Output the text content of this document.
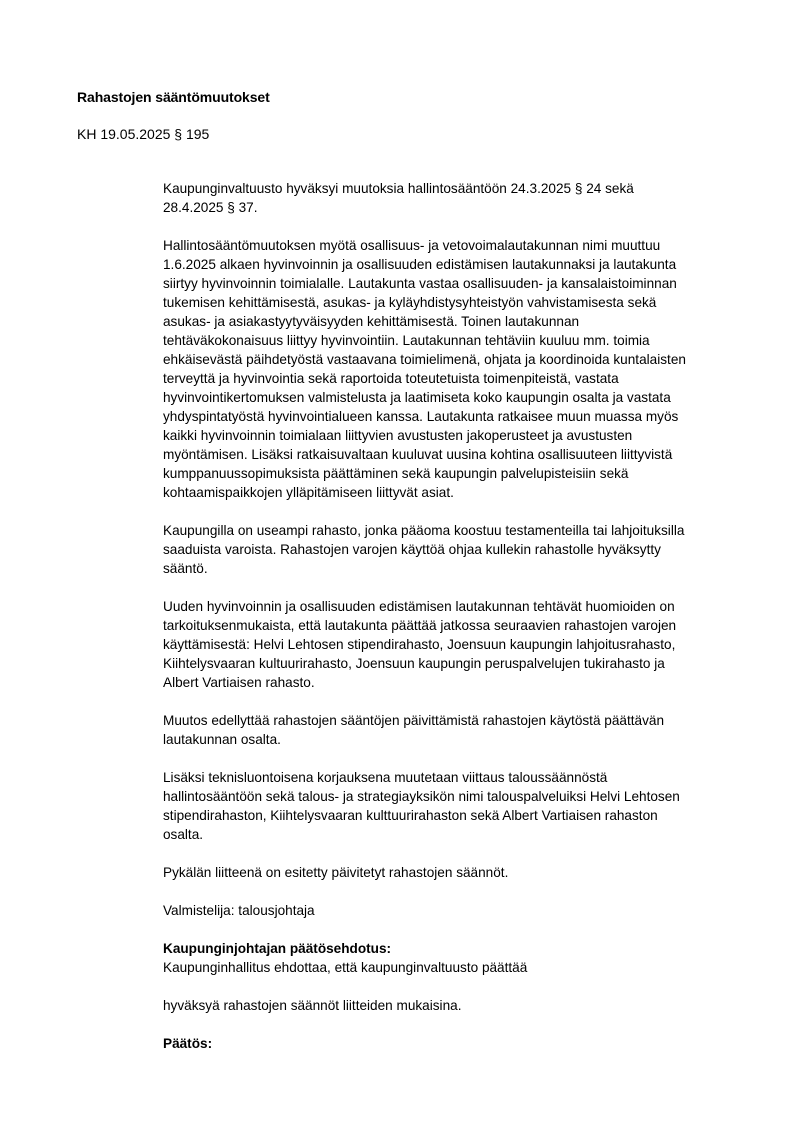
Rahastojen sääntömuutokset
KH 19.05.2025 § 195
Kaupunginvaltuusto hyväksyi muutoksia hallintosääntöön 24.3.2025 § 24 sekä
28.4.2025 § 37.
Hallintosääntömuutoksen myötä osallisuus- ja vetovoimalautakunnan nimi muuttuu
1.6.2025 alkaen hyvinvoinnin ja osallisuuden edistämisen lautakunnaksi ja lautakunta
siirtyy hyvinvoinnin toimialalle. Lautakunta vastaa osallisuuden- ja kansalaistoiminnan
tukemisen kehittämisestä, asukas- ja kyläyhdistysyhteistyön vahvistamisesta sekä
asukas- ja asiakastyytyväisyyden kehittämisestä. Toinen lautakunnan
tehtäväkokonaisuus liittyy hyvinvointiin. Lautakunnan tehtäviin kuuluu mm. toimia
ehkäisevästä päihdetyöstä vastaavana toimielimenä, ohjata ja koordinoida kuntalaisten
terveyttä ja hyvinvointia sekä raportoida toteutetuista toimenpiteistä, vastata
hyvinvointikertomuksen valmistelusta ja laatimiseta koko kaupungin osalta ja vastata
yhdyspintatyöstä hyvinvointialueen kanssa. Lautakunta ratkaisee muun muassa myös
kaikki hyvinvoinnin toimialaan liittyvien avustusten jakoperusteet ja avustusten
myöntämisen. Lisäksi ratkaisuvaltaan kuuluvat uusina kohtina osallisuuteen liittyvistä
kumppanuussopimuksista päättäminen sekä kaupungin palvelupisteisiin sekä
kohtaamispaikkojen ylläpitämiseen liittyvät asiat.
Kaupungilla on useampi rahasto, jonka pääoma koostuu testamenteilla tai lahjoituksilla
saaduista varoista. Rahastojen varojen käyttöä ohjaa kullekin rahastolle hyväksytty
sääntö.
Uuden hyvinvoinnin ja osallisuuden edistämisen lautakunnan tehtävät huomioiden on
tarkoituksenmukaista, että lautakunta päättää jatkossa seuraavien rahastojen varojen
käyttämisestä: Helvi Lehtosen stipendirahasto, Joensuun kaupungin lahjoitusrahasto,
Kiihtelysvaaran kultuurirahasto, Joensuun kaupungin peruspalvelujen tukirahasto ja
Albert Vartiaisen rahasto.
Muutos edellyttää rahastojen sääntöjen päivittämistä rahastojen käytöstä päättävän
lautakunnan osalta.
Lisäksi teknisluontoisena korjauksena muutetaan viittaus taloussäännöstä
hallintosääntöön sekä talous- ja strategiayksikön nimi talouspalveluiksi Helvi Lehtosen
stipendirahaston, Kiihtelysvaaran kulttuurirahaston sekä Albert Vartiaisen rahaston
osalta.
Pykälän liitteenä on esitetty päivitetyt rahastojen säännöt.
Valmistelija: talousjohtaja
Kaupunginjohtajan päätösehdotus:
Kaupunginhallitus ehdottaa, että kaupunginvaltuusto päättää
hyväksyä rahastojen säännöt liitteiden mukaisina.
Päätös:
